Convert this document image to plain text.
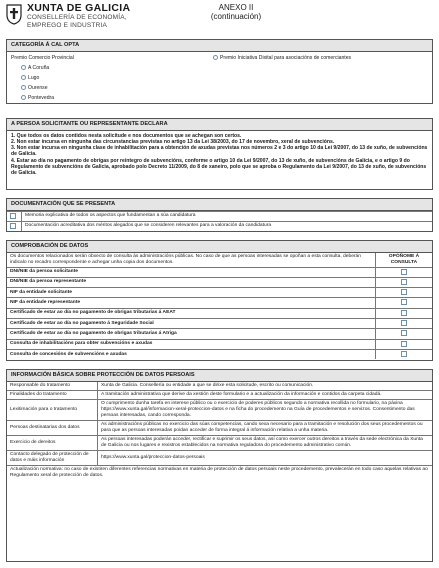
XUNTA DE GALICIA
CONSELLERÍA DE ECONOMÍA,
EMPREGO E INDUSTRIA
ANEXO II
(continuación)
CATEGORÍA Á CAL OPTA
Premio Comercio Provincial	Premio Iniciativa Dixital para asociacións de comerciantes
A Coruña
Lugo
Ourense
Pontevedra
A PERSOA SOLICITANTE OU REPRESENTANTE DECLARA
1. Que todos os datos contidos nesta solicitude e nos documentos que se achegan son certos.
2. Non estar incursa en ningunha das circunstancias previstas no artigo 13 da Lei 38/2003, do 17 de novembro, xeral de subvencións.
3. Non estar incursa en ningunha clase de inhabilitación para a obtención de axudas previstas nos números 2 e 3 do artigo 10 da Lei 9/2007, do 13 de xuño, de subvencións de Galicia.
4. Estar ao día no pagamento de obrigas por reintegro de subvencións, conforme o artigo 10 da Lei 9/2007, do 13 de xuño, de subvencións de Galicia, e o artigo 9 do Regulamento de subvencións de Galicia, aprobado polo Decreto 11/2009, do 8 de xaneiro, polo que se aproba o Regulamento da Lei 9/2007, do 13 de xuño, de subvencións de Galicia.
DOCUMENTACIÓN QUE SE PRESENTA
	Memoria explicativa de todos os aspectos que fundamentan a súa candidatura
	Documentación acreditativa dos méritos alegados que se consideren relevantes para a valoración da candidatura
COMPROBACIÓN DE DATOS
Os documentos relacionados serán obxecto de consulta ás administracións públicas. No caso de que as persoas interesadas se opoñan a esta consulta, deberán indicalo no recadro correspondente e achegar unha copia dos documentos.	OPÓÑOME Á CONSULTA
DNI/NIE da persoa solicitante	
DNI/NIE da persoa representante	
NIF da entidade solicitante	
NIF da entidade representante	
Certificado de estar ao día no pagamento de obrigas tributarias á AEAT	
Certificado de estar ao día no pagamento á Seguridade Social	
Certificado de estar ao día no pagamento de obrigas tributarias á Atriga	
Consulta de inhabilitacións para obter subvencións e axudas	
Consulta de concesións de subvencións e axudas	
INFORMACIÓN BÁSICA SOBRE PROTECCIÓN DE DATOS PERSOAIS
Responsable do tratamento	Xunta de Galicia. Consellería ou entidade a que se dirixe esta solicitude, escrito ou comunicación.
Finalidades do tratamento	A tramitación administrativa que derive da xestión deste formulario e a actualización da información e contidos da carpeta cidadá.
Lexitimación para o tratamento	O cumprimento dunha tarefa en interese público ou o exercicio de poderes públicos segundo a normativa recollida no formulario, na páxina https://www.xunta.gal/informacion-xeral-proteccion-datos e na ficha do procedemento na Guía de procedementos e servizos. Consentimento das persoas interesadas, cando corresponda.
Persoas destinatarias dos datos	As administracións públicas no exercicio das súas competencias, cando sexa necesario para a tramitación e resolución dos seus procedementos ou para que as persoas interesadas poidan acceder de forma integral á información relativa a unha materia.
Exercicio de dereitos	As persoas interesadas poderán acceder, rectificar e suprimir os seus datos, así como exercer outros dereitos a través da sede electrónica da Xunta de Galicia ou nos lugares e rexistros establecidos na normativa reguladora do procedemento administrativo común.
Contacto delegado de protección de datos e máis información	https://www.xunta.gal/proteccion-datos-persoais
Actualización normativa: no caso de existiren diferentes referencias normativas en materia de protección de datos persoais neste procedemento, prevalecerán en todo caso aquelas relativas ao Regulamento xeral de protección de datos.	
